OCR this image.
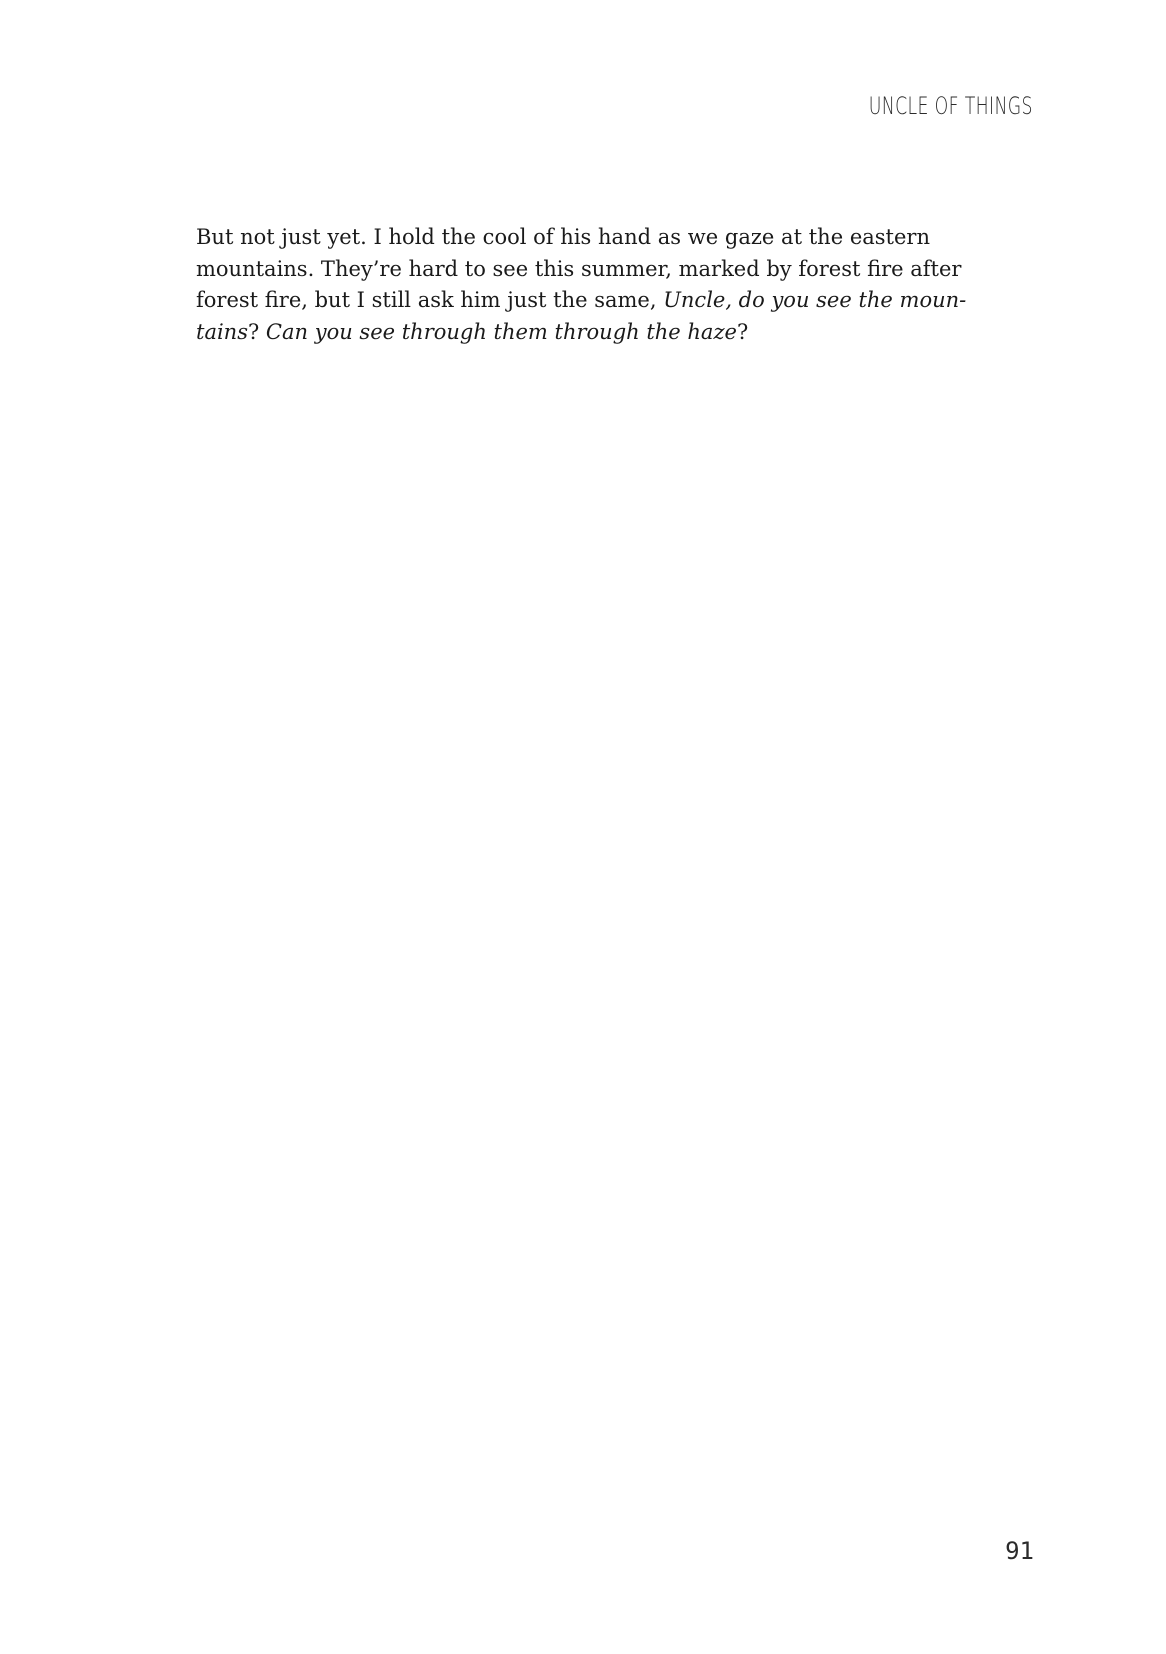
UNCLE OF THINGS

But not just yet. I hold the cool of his hand as we gaze at the eastern
mountains. They’re hard to see this summer, marked by forest fire after
forest fire, but I still ask him just the same, Uncle, do you see the moun-
tains? Can you see through them through the haze?

91
